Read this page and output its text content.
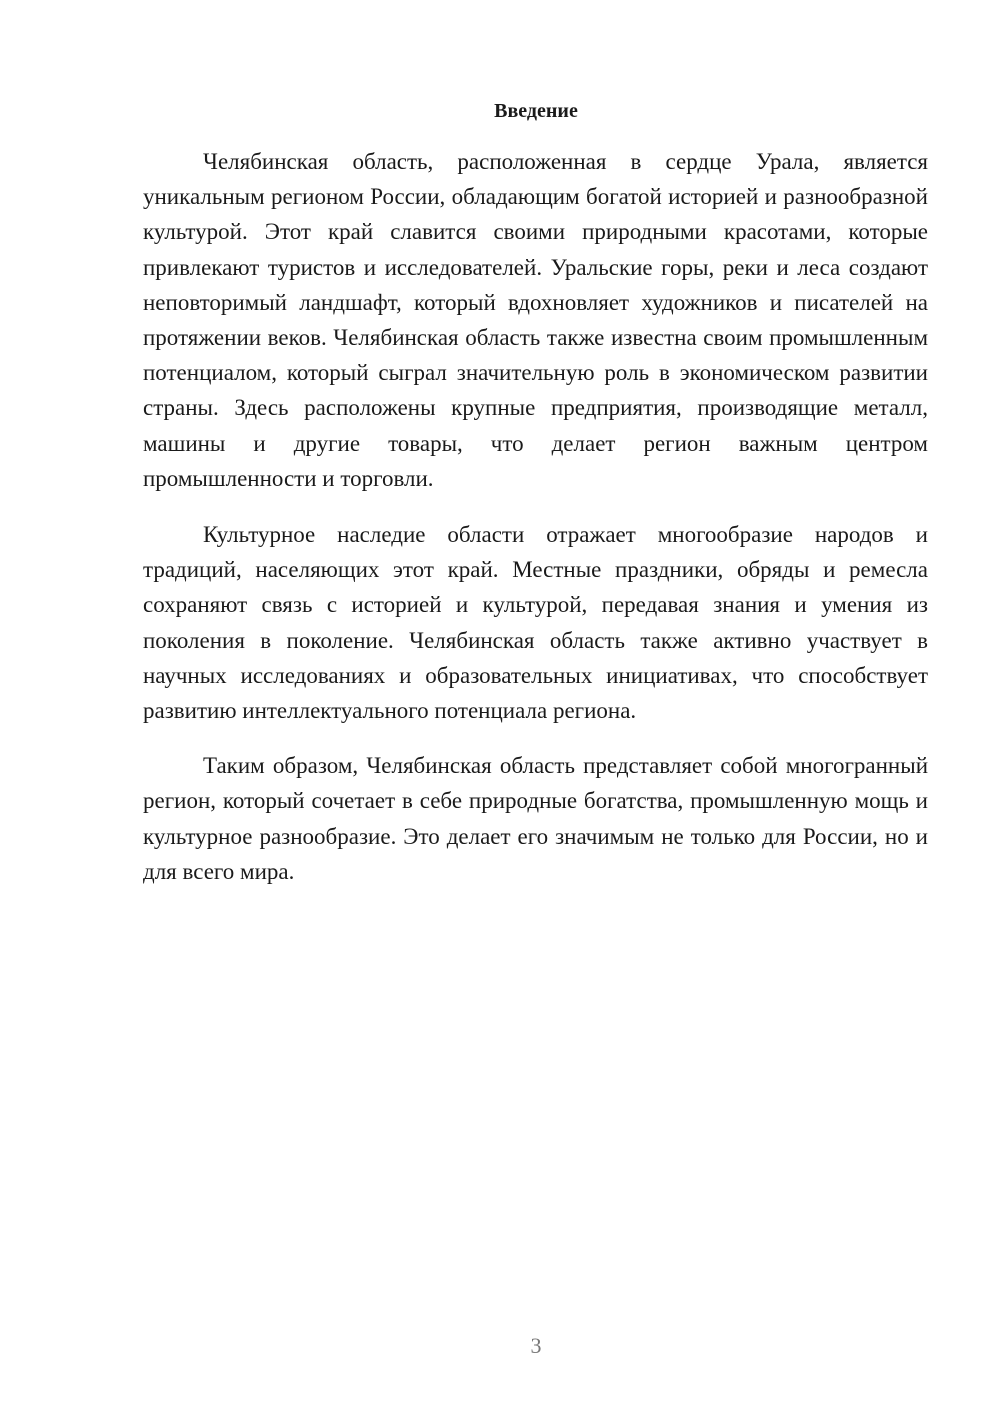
Введение

Челябинская область, расположенная в сердце Урала, является уникальным регионом России, обладающим богатой историей и разнообразной культурой. Этот край славится своими природными красотами, которые привлекают туристов и исследователей. Уральские горы, реки и леса создают неповторимый ландшафт, который вдохновляет художников и писателей на протяжении веков. Челябинская область также известна своим промышленным потенциалом, который сыграл значительную роль в экономическом развитии страны. Здесь расположены крупные предприятия, производящие металл, машины и другие товары, что делает регион важным центром промышленности и торговли.

Культурное наследие области отражает многообразие народов и традиций, населяющих этот край. Местные праздники, обряды и ремесла сохраняют связь с историей и культурой, передавая знания и умения из поколения в поколение. Челябинская область также активно участвует в научных исследованиях и образовательных инициативах, что способствует развитию интеллектуального потенциала региона.

Таким образом, Челябинская область представляет собой многогранный регион, который сочетает в себе природные богатства, промышленную мощь и культурное разнообразие. Это делает его значимым не только для России, но и для всего мира.

3
